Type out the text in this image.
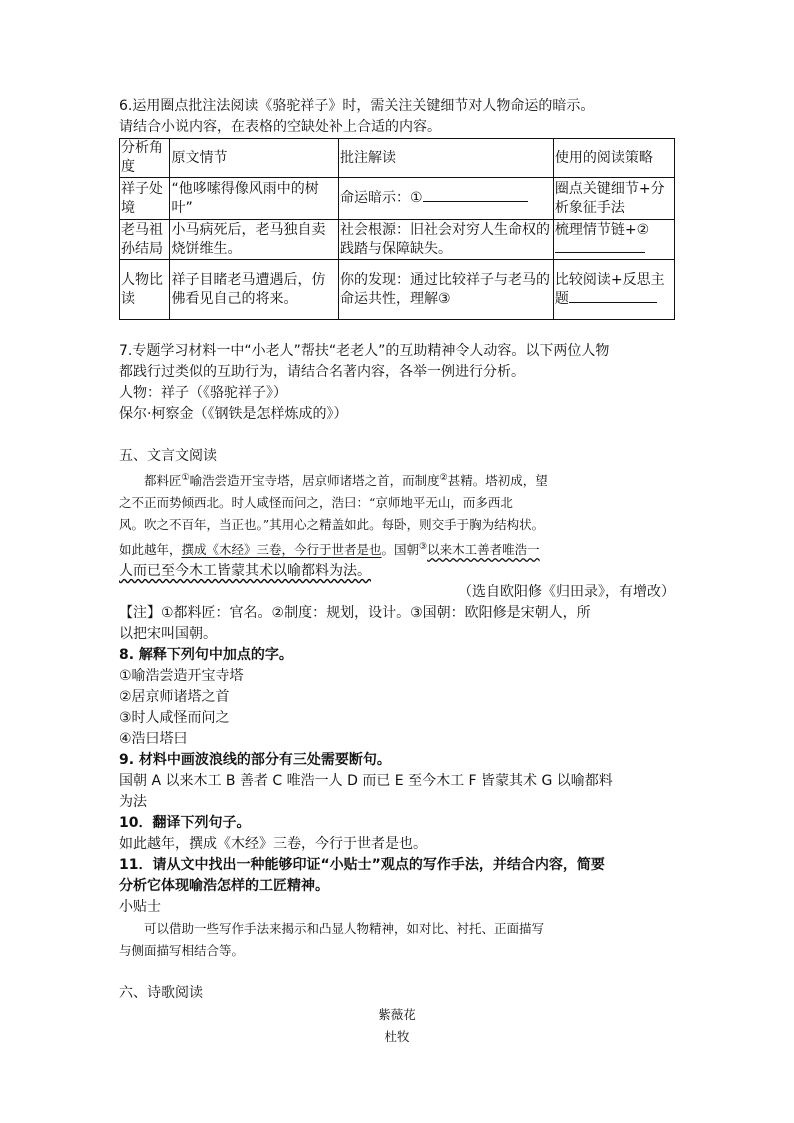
6.运用圈点批注法阅读《骆驼祥子》时，需关注关键细节对人物命运的暗示。

请结合小说内容，在表格的空缺处补上合适的内容。

分析角度	原文情节	批注解读	使用的阅读策略
祥子处境	“他哆嗦得像风雨中的树叶”	命运暗示：①	圈点关键细节+分析象征手法
老马祖孙结局	小马病死后，老马独自卖烧饼维生。	社会根源：旧社会对穷人生命权的践踏与保障缺失。	梳理情节链+②
人物比读	祥子目睹老马遭遇后，仿佛看见自己的将来。	你的发现：通过比较祥子与老马的命运共性，理解③	比较阅读+反思主题

7.专题学习材料一中“小老人”帮扶“老老人”的互助精神令人动容。以下两位人物

都践行过类似的互助行为，请结合名著内容，各举一例进行分析。

人物：祥子（《骆驼祥子》）

保尔·柯察金（《钢铁是怎样炼成的》）

五、文言文阅读

都料匠①喻浩尝造开宝寺塔，居京师诸塔之首，而制度②甚精。塔初成，望

之不正而势倾西北。时人咸怪而问之，浩曰：“京师地平无山，而多西北

风。吹之不百年，当正也。”其用心之精盖如此。每卧，则交手于胸为结构状。

如此越年，撰成《木经》三卷，今行于世者是也。国朝③以来木工善者唯浩一

人而已至今木工皆蒙其术以喻都料为法。

（选自欧阳修《归田录》，有增改）

【注】①都料匠：官名。②制度：规划，设计。③国朝：欧阳修是宋朝人，所

以把宋叫国朝。

8. 解释下列句中加点的字。

①喻浩尝造开宝寺塔

②居京师诸塔之首

③时人咸怪而问之

④浩曰塔曰

9. 材料中画波浪线的部分有三处需要断句。

国朝 A 以来木工 B 善者 C 唯浩一人 D 而已 E 至今木工 F 皆蒙其术 G 以喻都料

为法

10．翻译下列句子。

如此越年，撰成《木经》三卷，今行于世者是也。

11．请从文中找出一种能够印证“小贴士”观点的写作手法，并结合内容，简要

分析它体现喻浩怎样的工匠精神。

小贴士

可以借助一些写作手法来揭示和凸显人物精神，如对比、衬托、正面描写

与侧面描写相结合等。

六、诗歌阅读

紫薇花

杜牧
